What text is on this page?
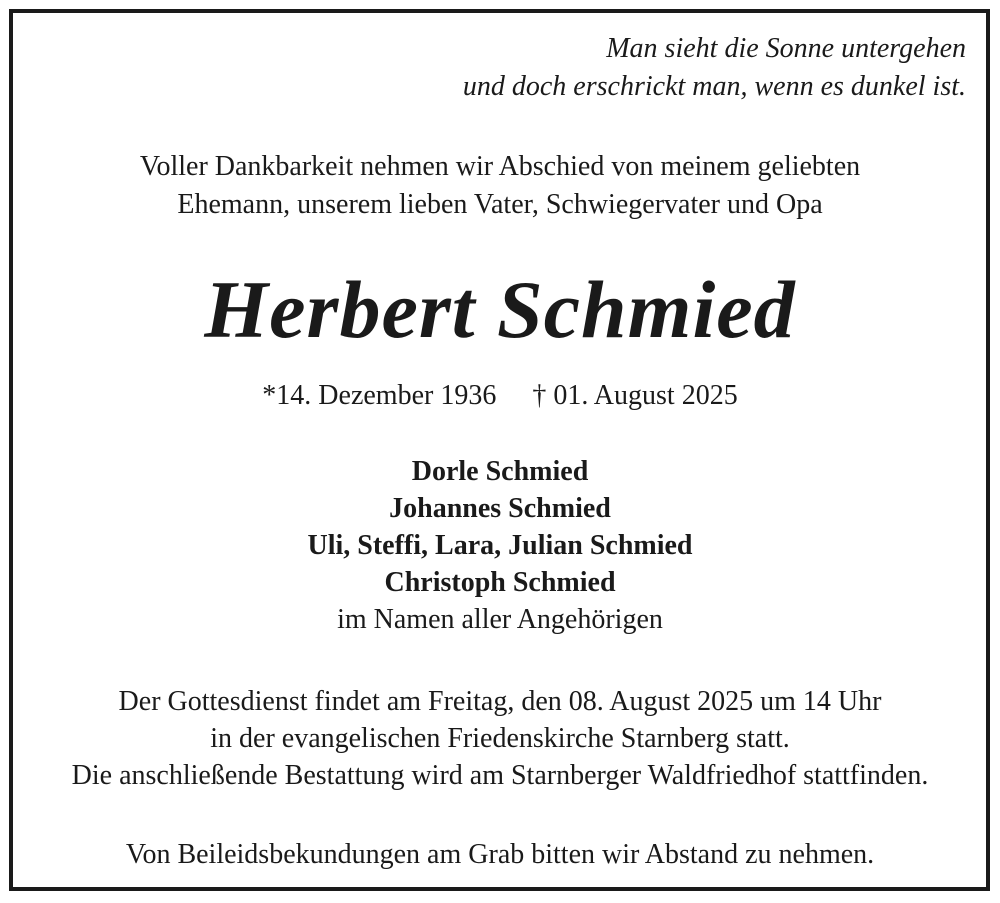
Man sieht die Sonne untergehen
und doch erschrickt man, wenn es dunkel ist.
Voller Dankbarkeit nehmen wir Abschied von meinem geliebten
Ehemann, unserem lieben Vater, Schwiegervater und Opa
Herbert Schmied
*14. Dezember 1936 † 01. August 2025
Dorle Schmied
Johannes Schmied
Uli, Steffi, Lara, Julian Schmied
Christoph Schmied
im Namen aller Angehörigen
Der Gottesdienst findet am Freitag, den 08. August 2025 um 14 Uhr
in der evangelischen Friedenskirche Starnberg statt.
Die anschließende Bestattung wird am Starnberger Waldfriedhof stattfinden.
Von Beileidsbekundungen am Grab bitten wir Abstand zu nehmen.
